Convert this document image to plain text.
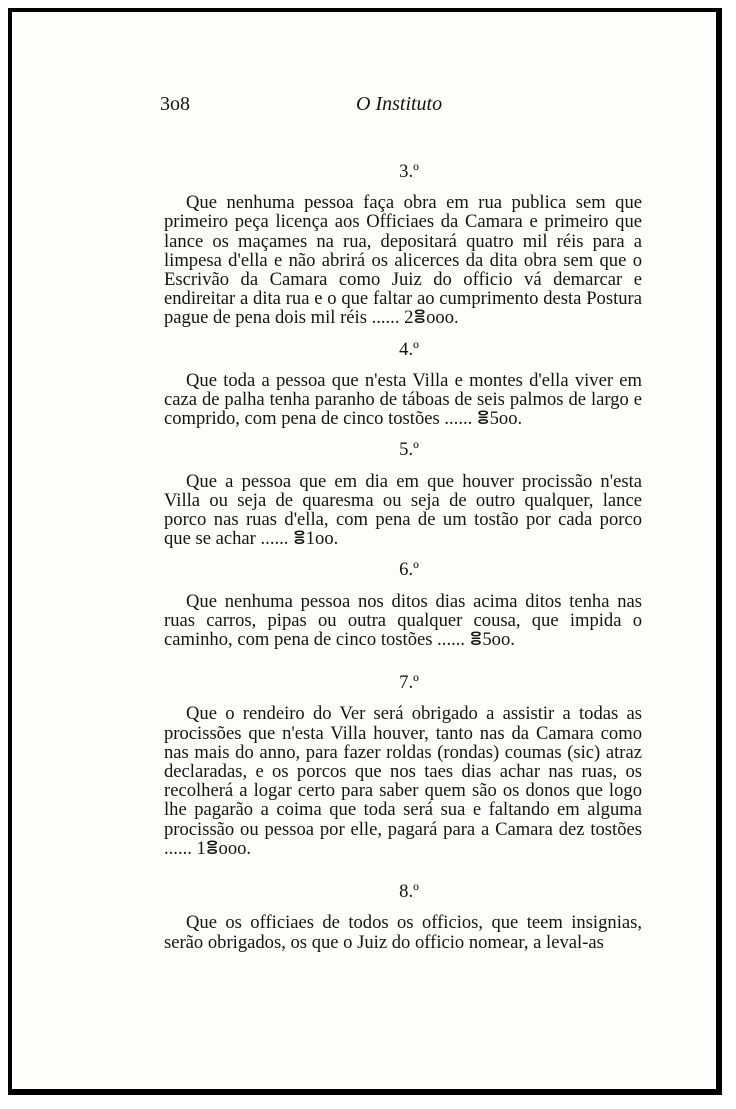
3o8	O Instituto
3.º

Que nenhuma pessoa faça obra em rua publica sem que primeiro peça licença aos Officiaes da Camara e primeiro que lance os maçames na rua, depositará quatro mil réis para a limpesa d'ella e não abrirá os alicerces da dita obra sem que o Escrivão da Camara como Juiz do officio vá demarcar e endireitar a dita rua e o que faltar ao cumprimento desta Postura pague de pena dois mil réis ...... 2ⴻooo.

4.º

Que toda a pessoa que n'esta Villa e montes d'ella viver em caza de palha tenha paranho de táboas de seis palmos de largo e comprido, com pena de cinco tostões ...... ⴻ5oo.

5.º

Que a pessoa que em dia em que houver procissão n'esta Villa ou seja de quaresma ou seja de outro qualquer, lance porco nas ruas d'ella, com pena de um tostão por cada porco que se achar ...... ⴻ1oo.

6.º

Que nenhuma pessoa nos ditos dias acima ditos tenha nas ruas carros, pipas ou outra qualquer cousa, que impida o caminho, com pena de cinco tostões ...... ⴻ5oo.

7.º

Que o rendeiro do Ver será obrigado a assistir a todas as procissões que n'esta Villa houver, tanto nas da Camara como nas mais do anno, para fazer roldas (rondas) coumas (sic) atraz declaradas, e os porcos que nos taes dias achar nas ruas, os recolherá a logar certo para saber quem são os donos que logo lhe pagarão a coima que toda será sua e faltando em alguma procissão ou pessoa por elle, pagará para a Camara dez tostões ...... 1ⴻooo.

8.º

Que os officiaes de todos os officios, que teem insignias, serão obrigados, os que o Juiz do officio nomear, a leval-as
